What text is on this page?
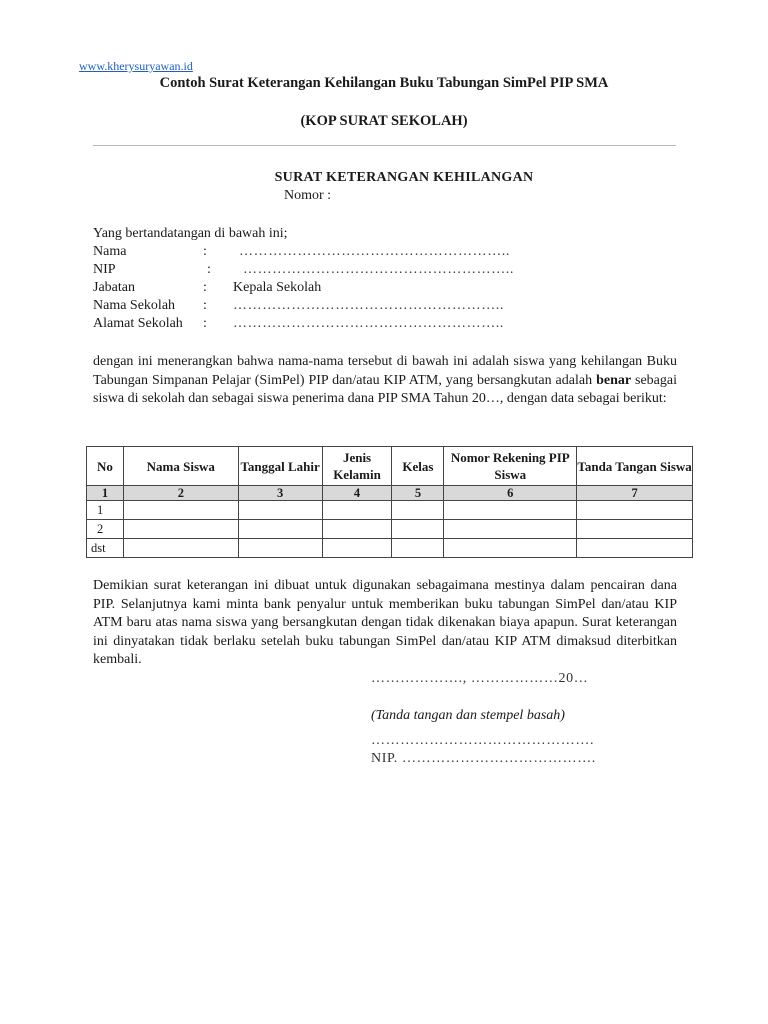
www.kherysuryawan.id
Contoh Surat Keterangan Kehilangan Buku Tabungan SimPel PIP SMA
(KOP SURAT SEKOLAH)
SURAT KETERANGAN KEHILANGAN
Nomor :
Yang bertandatangan di bawah ini;
Nama	: ………………………………………………..
NIP	: ………………………………………………..
Jabatan	: Kepala Sekolah
Nama Sekolah : ………………………………………………..
Alamat Sekolah : ………………………………………………..

dengan ini menerangkan bahwa nama-nama tersebut di bawah ini adalah siswa yang kehilangan Buku Tabungan Simpanan Pelajar (SimPel) PIP dan/atau KIP ATM, yang bersangkutan adalah benar sebagai siswa di sekolah dan sebagai siswa penerima dana PIP SMA Tahun 20…, dengan data sebagai berikut:

No	Nama Siswa	Tanggal Lahir	Jenis Kelamin	Kelas	Nomor Rekening PIP Siswa	Tanda Tangan Siswa
1	2	3	4	5	6	7
1						
2						
dst						

Demikian surat keterangan ini dibuat untuk digunakan sebagaimana mestinya dalam pencairan dana PIP. Selanjutnya kami minta bank penyalur untuk memberikan buku tabungan SimPel dan/atau KIP ATM baru atas nama siswa yang bersangkutan dengan tidak dikenakan biaya apapun. Surat keterangan ini dinyatakan tidak berlaku setelah buku tabungan SimPel dan/atau KIP ATM dimaksud diterbitkan kembali.

………………., ………………20…
(Tanda tangan dan stempel basah)
……………………………………….
NIP. ………………………………….
